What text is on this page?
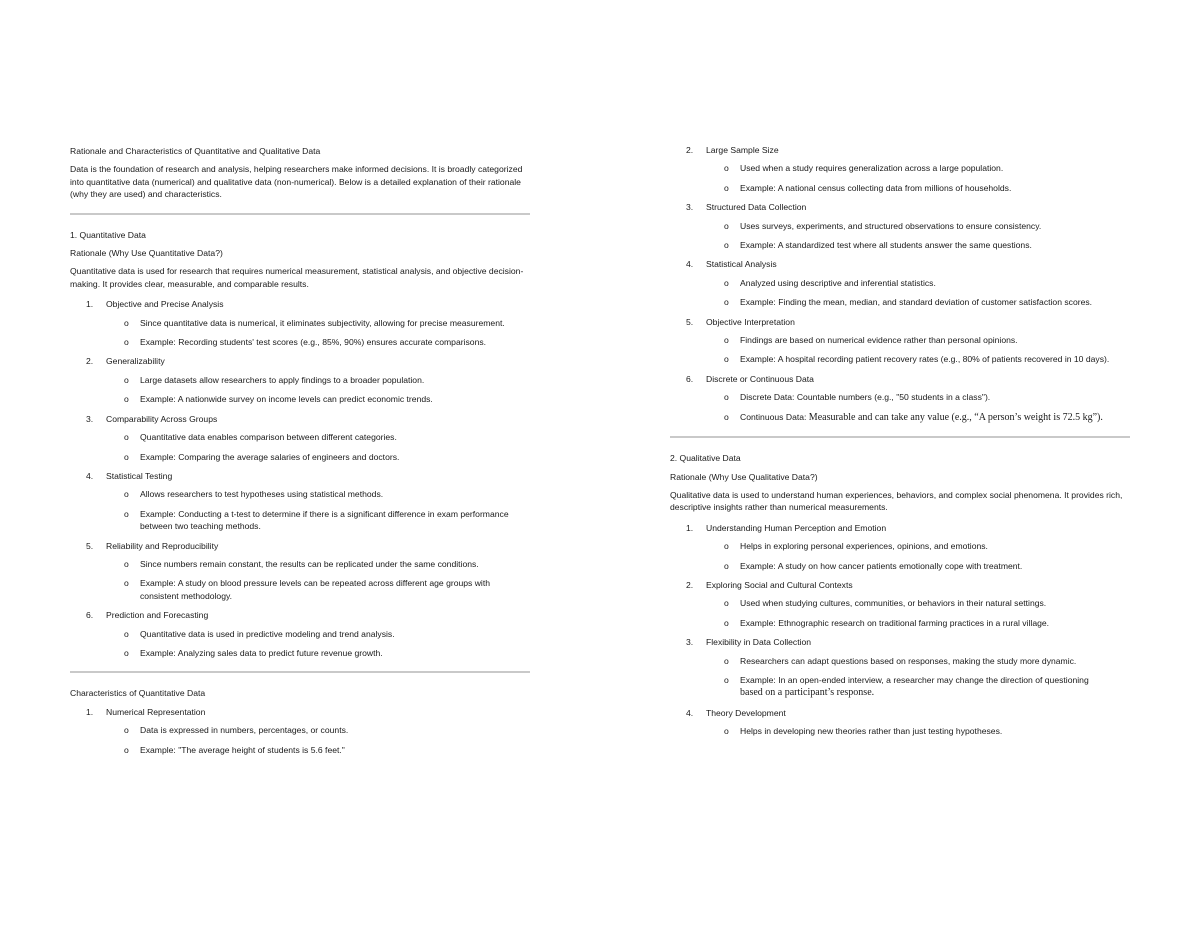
Rationale and Characteristics of Quantitative and Qualitative Data
Data is the foundation of research and analysis, helping researchers make informed decisions. It is broadly categorized into quantitative data (numerical) and qualitative data (non-numerical). Below is a detailed explanation of their rationale (why they are used) and characteristics.
1. Quantitative Data
Rationale (Why Use Quantitative Data?)
Quantitative data is used for research that requires numerical measurement, statistical analysis, and objective decision-making. It provides clear, measurable, and comparable results.
1. Objective and Precise Analysis
o Since quantitative data is numerical, it eliminates subjectivity, allowing for precise measurement.
o Example: Recording students' test scores (e.g., 85%, 90%) ensures accurate comparisons.
2. Generalizability
o Large datasets allow researchers to apply findings to a broader population.
o Example: A nationwide survey on income levels can predict economic trends.
3. Comparability Across Groups
o Quantitative data enables comparison between different categories.
o Example: Comparing the average salaries of engineers and doctors.
4. Statistical Testing
o Allows researchers to test hypotheses using statistical methods.
o Example: Conducting a t-test to determine if there is a significant difference in exam performance between two teaching methods.
5. Reliability and Reproducibility
o Since numbers remain constant, the results can be replicated under the same conditions.
o Example: A study on blood pressure levels can be repeated across different age groups with consistent methodology.
6. Prediction and Forecasting
o Quantitative data is used in predictive modeling and trend analysis.
o Example: Analyzing sales data to predict future revenue growth.
Characteristics of Quantitative Data
1. Numerical Representation
o Data is expressed in numbers, percentages, or counts.
o Example: "The average height of students is 5.6 feet."
2. Large Sample Size
o Used when a study requires generalization across a large population.
o Example: A national census collecting data from millions of households.
3. Structured Data Collection
o Uses surveys, experiments, and structured observations to ensure consistency.
o Example: A standardized test where all students answer the same questions.
4. Statistical Analysis
o Analyzed using descriptive and inferential statistics.
o Example: Finding the mean, median, and standard deviation of customer satisfaction scores.
5. Objective Interpretation
o Findings are based on numerical evidence rather than personal opinions.
o Example: A hospital recording patient recovery rates (e.g., 80% of patients recovered in 10 days).
6. Discrete or Continuous Data
o Discrete Data: Countable numbers (e.g., "50 students in a class").
o Continuous Data: Measurable and can take any value (e.g., “A person’s weight is 72.5 kg”).
2. Qualitative Data
Rationale (Why Use Qualitative Data?)
Qualitative data is used to understand human experiences, behaviors, and complex social phenomena. It provides rich, descriptive insights rather than numerical measurements.
1. Understanding Human Perception and Emotion
o Helps in exploring personal experiences, opinions, and emotions.
o Example: A study on how cancer patients emotionally cope with treatment.
2. Exploring Social and Cultural Contexts
o Used when studying cultures, communities, or behaviors in their natural settings.
o Example: Ethnographic research on traditional farming practices in a rural village.
3. Flexibility in Data Collection
o Researchers can adapt questions based on responses, making the study more dynamic.
o Example: In an open-ended interview, a researcher may change the direction of questioning
based on a participant’s response.
4. Theory Development
o Helps in developing new theories rather than just testing hypotheses.
